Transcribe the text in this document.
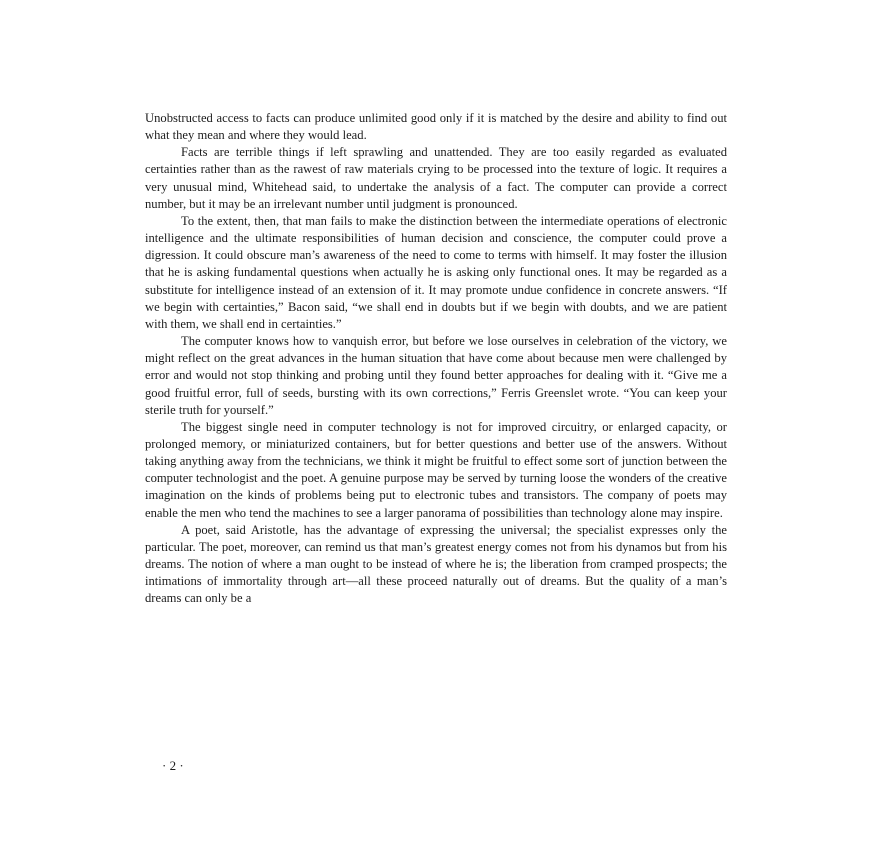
Unobstructed access to facts can produce unlimited good only if it is matched by the desire and ability to find out what they mean and where they would lead.

Facts are terrible things if left sprawling and unattended. They are too easily regarded as evaluated certainties rather than as the rawest of raw materials crying to be processed into the texture of logic. It requires a very unusual mind, Whitehead said, to undertake the analysis of a fact. The computer can provide a correct number, but it may be an irrelevant number until judgment is pronounced.

To the extent, then, that man fails to make the distinction between the intermediate operations of electronic intelligence and the ultimate responsibilities of human decision and conscience, the computer could prove a digression. It could obscure man’s awareness of the need to come to terms with himself. It may foster the illusion that he is asking fundamental questions when actually he is asking only functional ones. It may be regarded as a substitute for intelligence instead of an extension of it. It may promote undue confidence in concrete answers. “If we begin with certainties,” Bacon said, “we shall end in doubts but if we begin with doubts, and we are patient with them, we shall end in certainties.”

The computer knows how to vanquish error, but before we lose ourselves in celebration of the victory, we might reflect on the great advances in the human situation that have come about because men were challenged by error and would not stop thinking and probing until they found better approaches for dealing with it. “Give me a good fruitful error, full of seeds, bursting with its own corrections,” Ferris Greenslet wrote. “You can keep your sterile truth for yourself.”

The biggest single need in computer technology is not for improved circuitry, or enlarged capacity, or prolonged memory, or miniaturized containers, but for better questions and better use of the answers. Without taking anything away from the technicians, we think it might be fruitful to effect some sort of junction between the computer technologist and the poet. A genuine purpose may be served by turning loose the wonders of the creative imagination on the kinds of problems being put to electronic tubes and transistors. The company of poets may enable the men who tend the machines to see a larger panorama of possibilities than technology alone may inspire.

A poet, said Aristotle, has the advantage of expressing the universal; the specialist expresses only the particular. The poet, moreover, can remind us that man’s greatest energy comes not from his dynamos but from his dreams. The notion of where a man ought to be instead of where he is; the liberation from cramped prospects; the intimations of immortality through art—all these proceed naturally out of dreams. But the quality of a man’s dreams can only be a

· 2 ·
